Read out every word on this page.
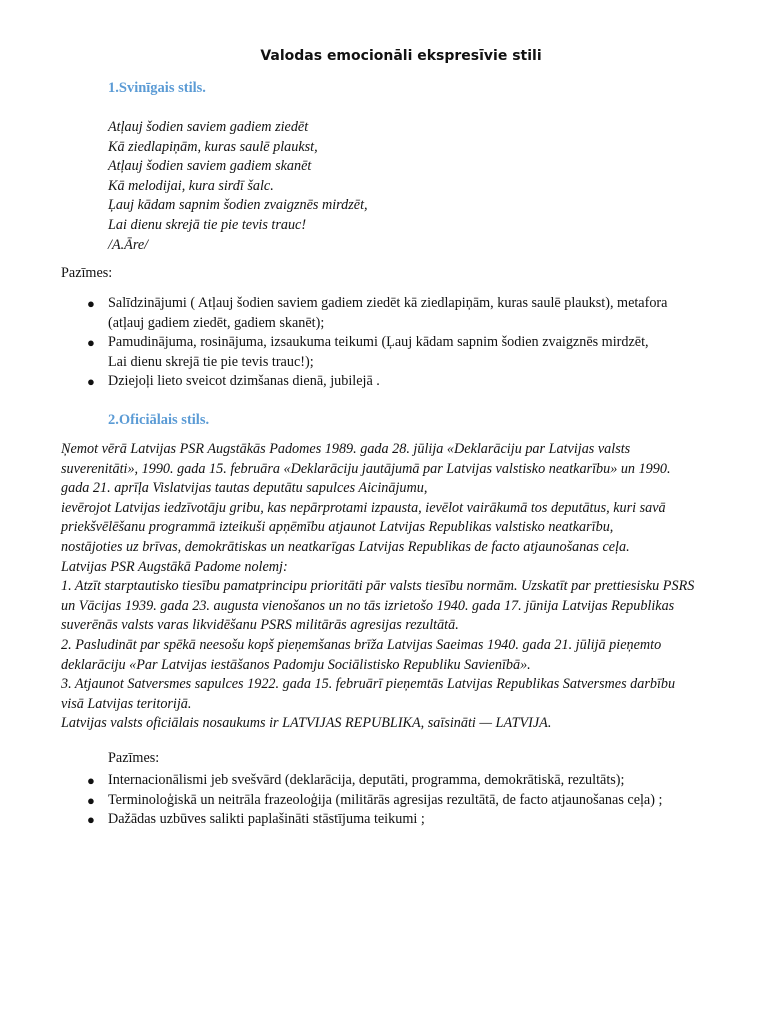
Valodas emocionāli ekspresīvie stili
1.Svinīgais stils.
Atļauj šodien saviem gadiem ziedēt
Kā ziedlapiņām, kuras saulē plaukst,
Atļauj šodien saviem gadiem skanēt
Kā melodijai, kura sirdī šalc.
Ļauj kādam sapnim šodien zvaigznēs mirdzēt,
Lai dienu skrejā tie pie tevis trauc!
/A.Āre/
Pazīmes:
● Salīdzinājumi ( Atļauj šodien saviem gadiem ziedēt kā ziedlapiņām, kuras saulē plaukst), metafora
(atļauj gadiem ziedēt, gadiem skanēt);
● Pamudinājuma, rosinājuma, izsaukuma teikumi (Ļauj kādam sapnim šodien zvaigznēs mirdzēt,
Lai dienu skrejā tie pie tevis trauc!);
● Dziejoļi lieto sveicot dzimšanas dienā, jubilejā .
2.Oficiālais stils.
Ņemot vērā Latvijas PSR Augstākās Padomes 1989. gada 28. jūlija «Deklarāciju par Latvijas valsts
suverenitāti», 1990. gada 15. februāra «Deklarāciju jautājumā par Latvijas valstisko neatkarību» un 1990.
gada 21. aprīļa Vislatvijas tautas deputātu sapulces Aicinājumu,
ievērojot Latvijas iedzīvotāju gribu, kas nepārprotami izpausta, ievēlot vairākumā tos deputātus, kuri savā
priekšvēlēšanu programmā izteikuši apņēmību atjaunot Latvijas Republikas valstisko neatkarību,
nostājoties uz brīvas, demokrātiskas un neatkarīgas Latvijas Republikas de facto atjaunošanas ceļa.
Latvijas PSR Augstākā Padome nolemj:
1. Atzīt starptautisko tiesību pamatprincipu prioritāti pār valsts tiesību normām. Uzskatīt par prettiesisku PSRS
un Vācijas 1939. gada 23. augusta vienošanos un no tās izrietošo 1940. gada 17. jūnija Latvijas Republikas
suverēnās valsts varas likvidēšanu PSRS militārās agresijas rezultātā.
2. Pasludināt par spēkā neesošu kopš pieņemšanas brīža Latvijas Saeimas 1940. gada 21. jūlijā pieņemto
deklarāciju «Par Latvijas iestāšanos Padomju Sociālistisko Republiku Savienībā».
3. Atjaunot Satversmes sapulces 1922. gada 15. februārī pieņemtās Latvijas Republikas Satversmes darbību
visā Latvijas teritorijā.
Latvijas valsts oficiālais nosaukums ir LATVIJAS REPUBLIKA, saīsināti — LATVIJA.
Pazīmes:
● Internacionālismi jeb svešvārd (deklarācija, deputāti, programma, demokrātiskā, rezultāts);
● Terminoloģiskā un neitrāla frazeoloģija (militārās agresijas rezultātā, de facto atjaunošanas ceļa) ;
● Dažādas uzbūves salikti paplašināti stāstījuma teikumi ;
